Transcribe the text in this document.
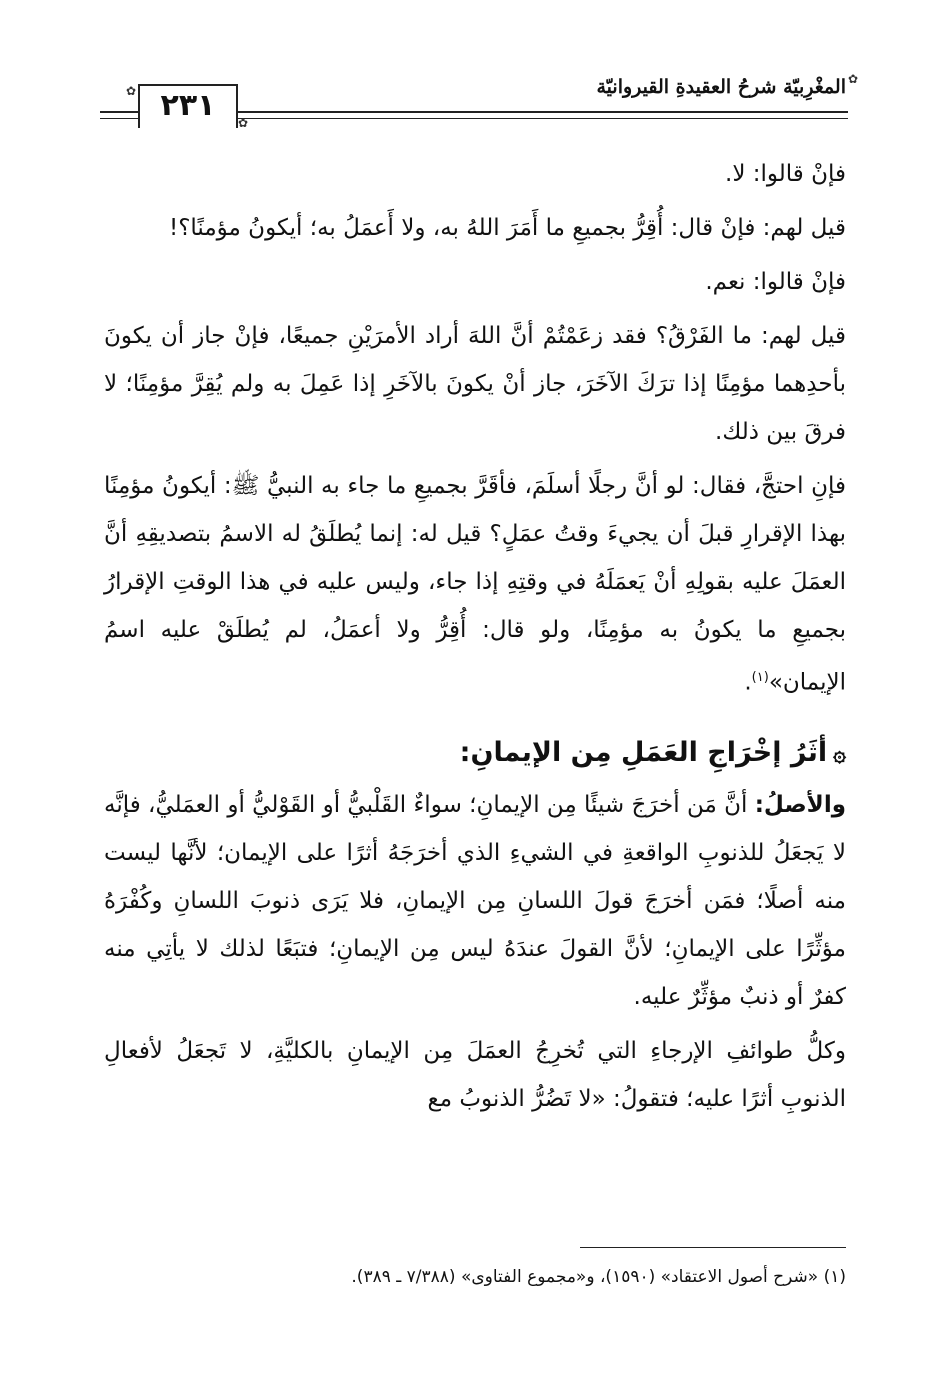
✿
✿
✿
٢٣١
المغْرِبيّة شرحُ العقيدةِ القيروانيّة

فإنْ قالوا: لا.

قيل لهم: فإنْ قال: أُقِرُّ بجميعِ ما أَمَرَ اللهُ به، ولا أَعمَلُ به؛ أيكونُ مؤمنًا؟!

فإنْ قالوا: نعم.

قيل لهم: ما الفَرْقُ؟ فقد زعَمْتُمْ أنَّ اللهَ أراد الأمرَيْنِ جميعًا، فإنْ جاز أن يكونَ بأحدِهما مؤمِنًا إذا ترَكَ الآخَرَ، جاز أنْ يكونَ بالآخَرِ إذا عَمِلَ به ولم يُقِرَّ مؤمِنًا؛ لا فرقَ بين ذلك.

فإنِ احتجَّ، فقال: لو أنَّ رجلًا أسلَمَ، فأقَرَّ بجميعِ ما جاء به النبيُّ ﷺ: أيكونُ مؤمِنًا بهذا الإقرارِ قبلَ أن يجيءَ وقتُ عمَلٍ؟ قيل له: إنما يُطلَقُ له الاسمُ بتصديقِهِ أنَّ العمَلَ عليه بقولِهِ أنْ يَعمَلَهُ في وقتِهِ إذا جاء، وليس عليه في هذا الوقتِ الإقرارُ بجميعِ ما يكونُ به مؤمِنًا، ولو قال: أُقِرُّ ولا أعمَلُ، لم يُطلَقْ عليه اسمُ الإيمان»$^{(١)}$.

۞أثَرُ إخْرَاجِ العَمَلِ مِن الإيمانِ:

والأصلُ: أنَّ مَن أخرَجَ شيئًا مِن الإيمانِ؛ سواءٌ القَلْبيُّ أو القَوْليُّ أو العمَليُّ، فإنَّه لا يَجعَلُ للذنوبِ الواقعةِ في الشيءِ الذي أخرَجَهُ أثرًا على الإيمان؛ لأنَّها ليست منه أصلًا؛ فمَن أخرَجَ قولَ اللسانِ مِن الإيمانِ، فلا يَرَى ذنوبَ اللسانِ وكُفْرَهُ مؤثِّرًا على الإيمانِ؛ لأنَّ القولَ عندَهُ ليس مِن الإيمانِ؛ فتبَعًا لذلك لا يأتِي منه كفرٌ أو ذنبٌ مؤثِّرٌ عليه.

وكلُّ طوائفِ الإرجاءِ التي تُخرِجُ العمَلَ مِن الإيمانِ بالكليَّةِ، لا تَجعَلُ لأفعالِ الذنوبِ أثرًا عليه؛ فتقولُ: «لا تَضُرُّ الذنوبُ مع

(١) «شرح أصول الاعتقاد» (١٥٩٠)، و«مجموع الفتاوى» (٧/٣٨٨ ـ ٣٨٩).
